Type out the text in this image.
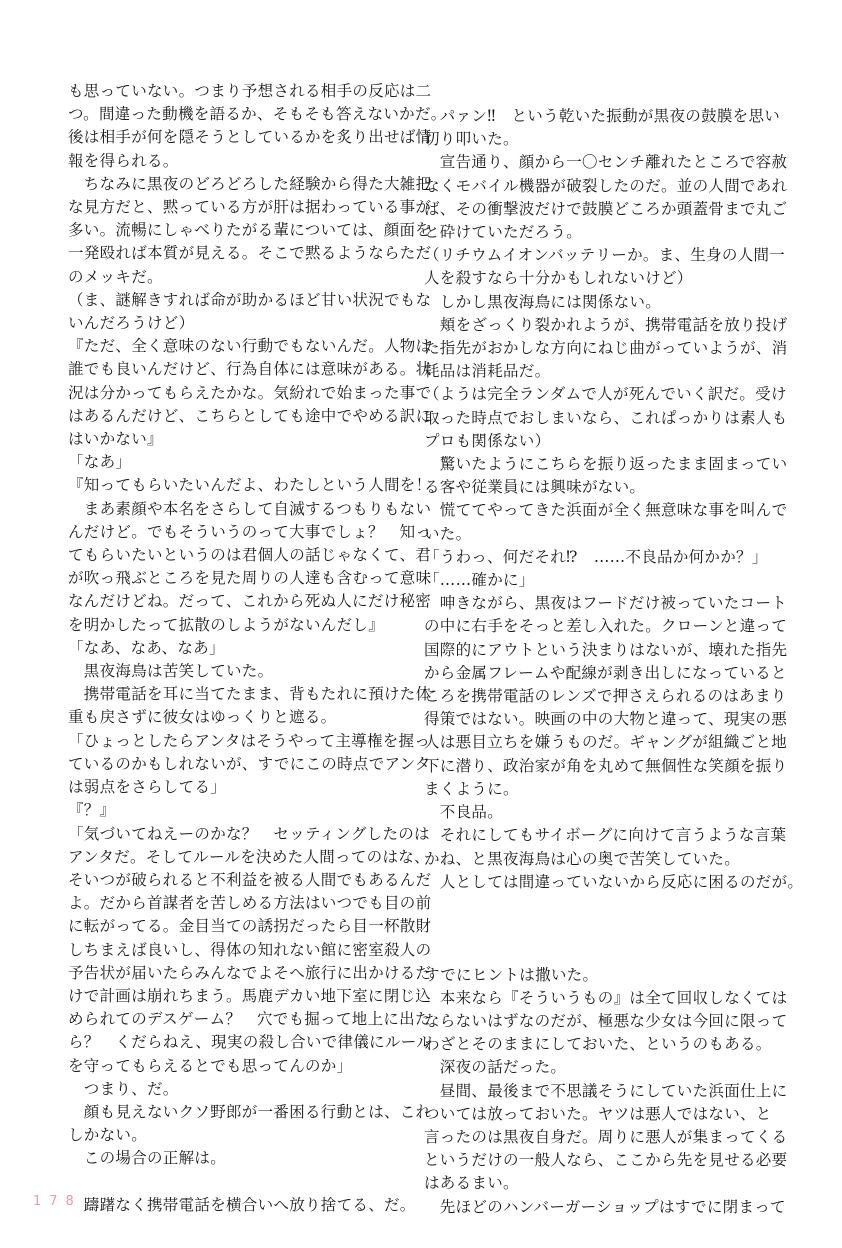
も思っていない。つまり予想される相手の反応は二
つ。間違った動機を語るか、そもそも答えないかだ。
後は相手が何を隠そうとしているかを炙り出せば情
報を得られる。
　ちなみに黒夜のどろどろした経験から得た大雑把
な見方だと、黙っている方が肝は据わっている事が
多い。流暢にしゃべりたがる輩については、顔面を
一発殴れば本質が見える。そこで黙るようならただ
のメッキだ。
（ま、謎解きすれば命が助かるほど甘い状況でもな
いんだろうけど）
『ただ、全く意味のない行動でもないんだ。人物は
誰でも良いんだけど、行為自体には意味がある。状
況は分かってもらえたかな。気紛れで始まった事で
はあるんだけど、こちらとしても途中でやめる訳に
はいかない』
「なあ」
『知ってもらいたいんだよ、わたしという人間を！
　まあ素顔や本名をさらして自滅するつもりもない
んだけど。でもそういうのって大事でしょ？　知っ
てもらいたいというのは君個人の話じゃなくて、君
が吹っ飛ぶところを見た周りの人達も含むって意味
なんだけどね。だって、これから死ぬ人にだけ秘密
を明かしたって拡散のしようがないんだし』
「なあ、なあ、なあ」
　黒夜海鳥は苦笑していた。
　携帯電話を耳に当てたまま、背もたれに預けた体
重も戻さずに彼女はゆっくりと遮る。
「ひょっとしたらアンタはそうやって主導権を握っ
ているのかもしれないが、すでにこの時点でアンタ
は弱点をさらしてる」
『？』
「気づいてねえーのかな？　セッティングしたのは
アンタだ。そしてルールを決めた人間ってのはな、
そいつが破られると不利益を被る人間でもあるんだ
よ。だから首謀者を苦しめる方法はいつでも目の前
に転がってる。金目当ての誘拐だったら目一杯散財
しちまえば良いし、得体の知れない館に密室殺人の
予告状が届いたらみんなでよそへ旅行に出かけるだ
けで計画は崩れちまう。馬鹿デカい地下室に閉じ込
められてのデスゲーム？　穴でも掘って地上に出た
ら？　くだらねえ、現実の殺し合いで律儀にルール
を守ってもらえるとでも思ってんのか」
　つまり、だ。
　顔も見えないクソ野郎が一番困る行動とは、これ
しかない。
　この場合の正解は。
　躊躇なく携帯電話を横合いへ放り捨てる、だ。
　パァン‼　という乾いた振動が黒夜の鼓膜を思い
切り叩いた。
　宣告通り、顔から一〇センチ離れたところで容赦
なくモバイル機器が破裂したのだ。並の人間であれ
ば、その衝撃波だけで鼓膜どころか頭蓋骨まで丸ご
と砕けていただろう。
（リチウムイオンバッテリーか。ま、生身の人間一
人を殺すなら十分かもしれないけど）
　しかし黒夜海鳥には関係ない。
　頬をざっくり裂かれようが、携帯電話を放り投げ
た指先がおかしな方向にねじ曲がっていようが、消
耗品は消耗品だ。
（ようは完全ランダムで人が死んでいく訳だ。受け
取った時点でおしまいなら、これぱっかりは素人も
プロも関係ない）
　驚いたようにこちらを振り返ったまま固まってい
る客や従業員には興味がない。
　慌ててやってきた浜面が全く無意味な事を叫んで
いた。
「うわっ、何だそれ⁉　……不良品か何かか？」
「……確かに」
　呻きながら、黒夜はフードだけ被っていたコート
の中に右手をそっと差し入れた。クローンと違って
国際的にアウトという決まりはないが、壊れた指先
から金属フレームや配線が剥き出しになっていると
ころを携帯電話のレンズで押さえられるのはあまり
得策ではない。映画の中の大物と違って、現実の悪
人は悪目立ちを嫌うものだ。ギャングが組織ごと地
下に潜り、政治家が角を丸めて無個性な笑顔を振り
まくように。
　不良品。
　それにしてもサイボーグに向けて言うような言葉
かね、と黒夜海鳥は心の奥で苦笑していた。
　人としては間違っていないから反応に困るのだが。
すでにヒントは撒いた。
　本来なら『そういうもの』は全て回収しなくては
ならないはずなのだが、極悪な少女は今回に限って
わざとそのままにしておいた、というのもある。
　深夜の話だった。
　昼間、最後まで不思議そうにしていた浜面仕上に
ついては放っておいた。ヤツは悪人ではない、と
言ったのは黒夜自身だ。周りに悪人が集まってくる
というだけの一般人なら、ここから先を見せる必要
はあるまい。
　先ほどのハンバーガーショップはすでに閉まって
178
